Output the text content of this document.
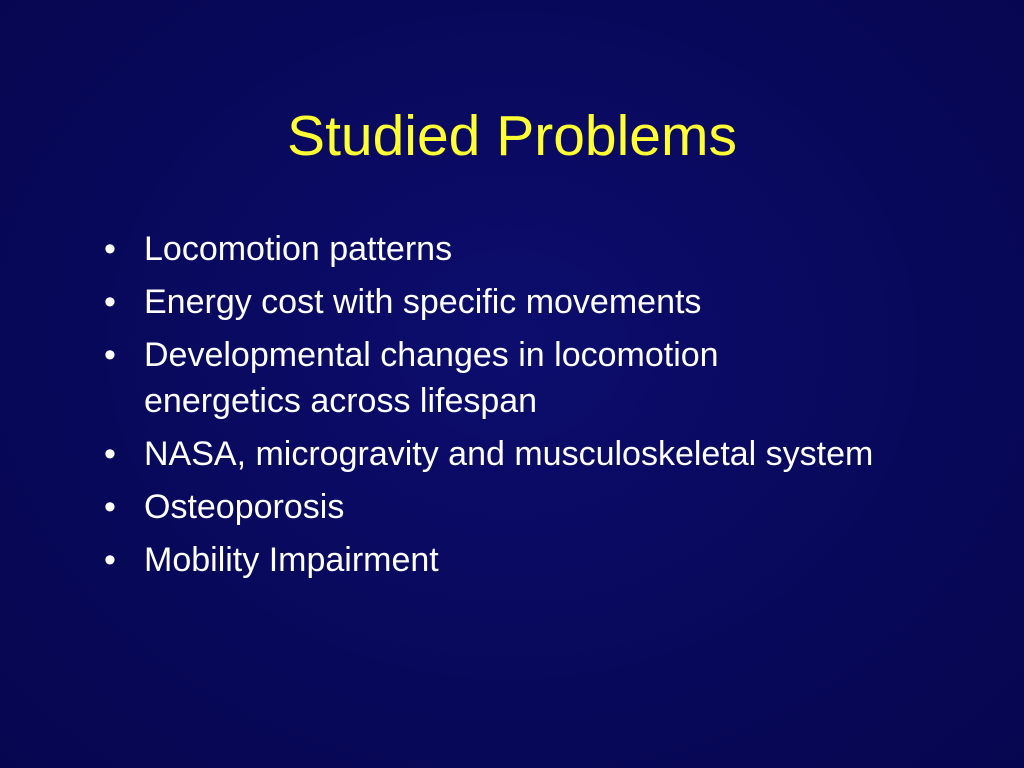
Studied Problems
• Locomotion patterns
• Energy cost with specific movements
• Developmental changes in locomotion energetics across lifespan
• NASA, microgravity and musculoskeletal system
• Osteoporosis
• Mobility Impairment
